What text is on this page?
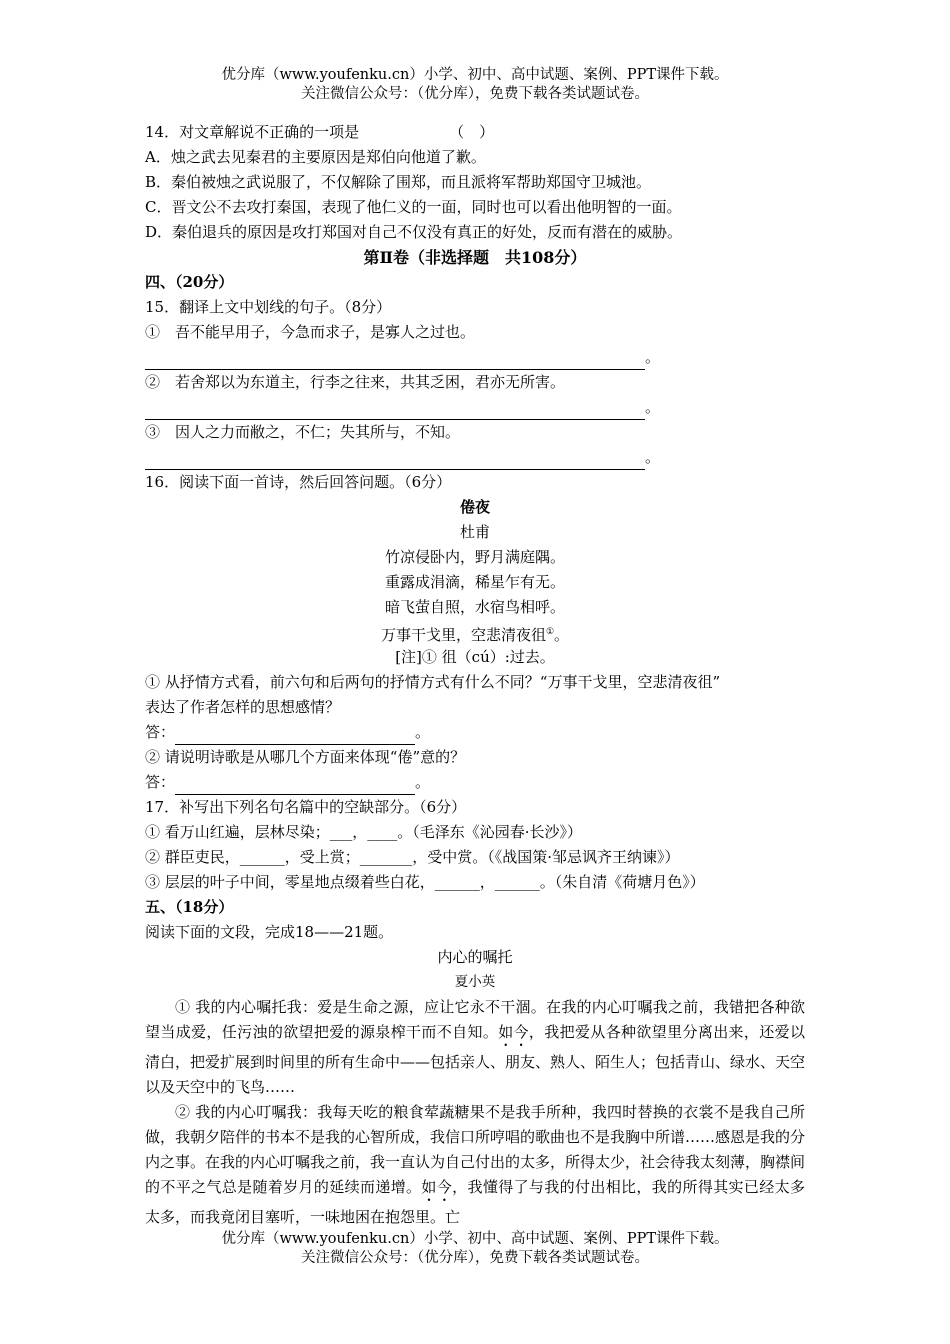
优分库（www.youfenku.cn）小学、初中、高中试题、案例、PPT课件下载。
关注微信公众号：（优分库），免费下载各类试题试卷。
14．对文章解说不正确的一项是	（　）
A．烛之武去见秦君的主要原因是郑伯向他道了歉。
B．秦伯被烛之武说服了，不仅解除了围郑，而且派将军帮助郑国守卫城池。
C．晋文公不去攻打秦国，表现了他仁义的一面，同时也可以看出他明智的一面。
D．秦伯退兵的原因是攻打郑国对自己不仅没有真正的好处，反而有潜在的威胁。
第Ⅱ卷（非选择题　共108分）
四、（20分）
15．翻译上文中划线的句子。（8分）
①　吾不能早用子，今急而求子，是寡人之过也。
。
②　若舍郑以为东道主，行李之往来，共其乏困，君亦无所害。
。
③　因人之力而敝之，不仁；失其所与，不知。
。
16．阅读下面一首诗，然后回答问题。（6分）
倦夜
杜甫
竹凉侵卧内，野月满庭隅。
重露成涓滴，稀星乍有无。
暗飞萤自照，水宿鸟相呼。
万事干戈里，空悲清夜徂①。
[注]① 徂（cú）:过去。
① 从抒情方式看，前六句和后两句的抒情方式有什么不同？“万事干戈里，空悲清夜徂”
表达了作者怎样的思想感情？
答：	。
② 请说明诗歌是从哪几个方面来体现“倦”意的？
答：	。
17．补写出下列名句名篇中的空缺部分。（6分）
① 看万山红遍，层林尽染；___，____。（毛泽东《沁园春·长沙》）
② 群臣吏民，______，受上赏；_______，受中赏。（《战国策·邹忌讽齐王纳谏》）
③ 层层的叶子中间，零星地点缀着些白花，______，______。（朱自清《荷塘月色》）
五、（18分）
阅读下面的文段，完成18——21题。
内心的嘱托
夏小英
① 我的内心嘱托我：爱是生命之源，应让它永不干涸。在我的内心叮嘱我之前，我错把各种欲望当成爱，任污浊的欲望把爱的源泉榨干而不自知。如今，我把爱从各种欲望里分离出来，还爱以清白，把爱扩展到时间里的所有生命中——包括亲人、朋友、熟人、陌生人；包括青山、绿水、天空以及天空中的飞鸟……
② 我的内心叮嘱我：我每天吃的粮食荤蔬糖果不是我手所种，我四时替换的衣裳不是我自己所做，我朝夕陪伴的书本不是我的心智所成，我信口所哼唱的歌曲也不是我胸中所谱……感恩是我的分内之事。在我的内心叮嘱我之前，我一直认为自己付出的太多，所得太少，社会待我太刻薄，胸襟间的不平之气总是随着岁月的延续而递增。如今，我懂得了与我的付出相比，我的所得其实已经太多太多，而我竟闭目塞听，一味地困在抱怨里。亡
优分库（www.youfenku.cn）小学、初中、高中试题、案例、PPT课件下载。
关注微信公众号：（优分库），免费下载各类试题试卷。
